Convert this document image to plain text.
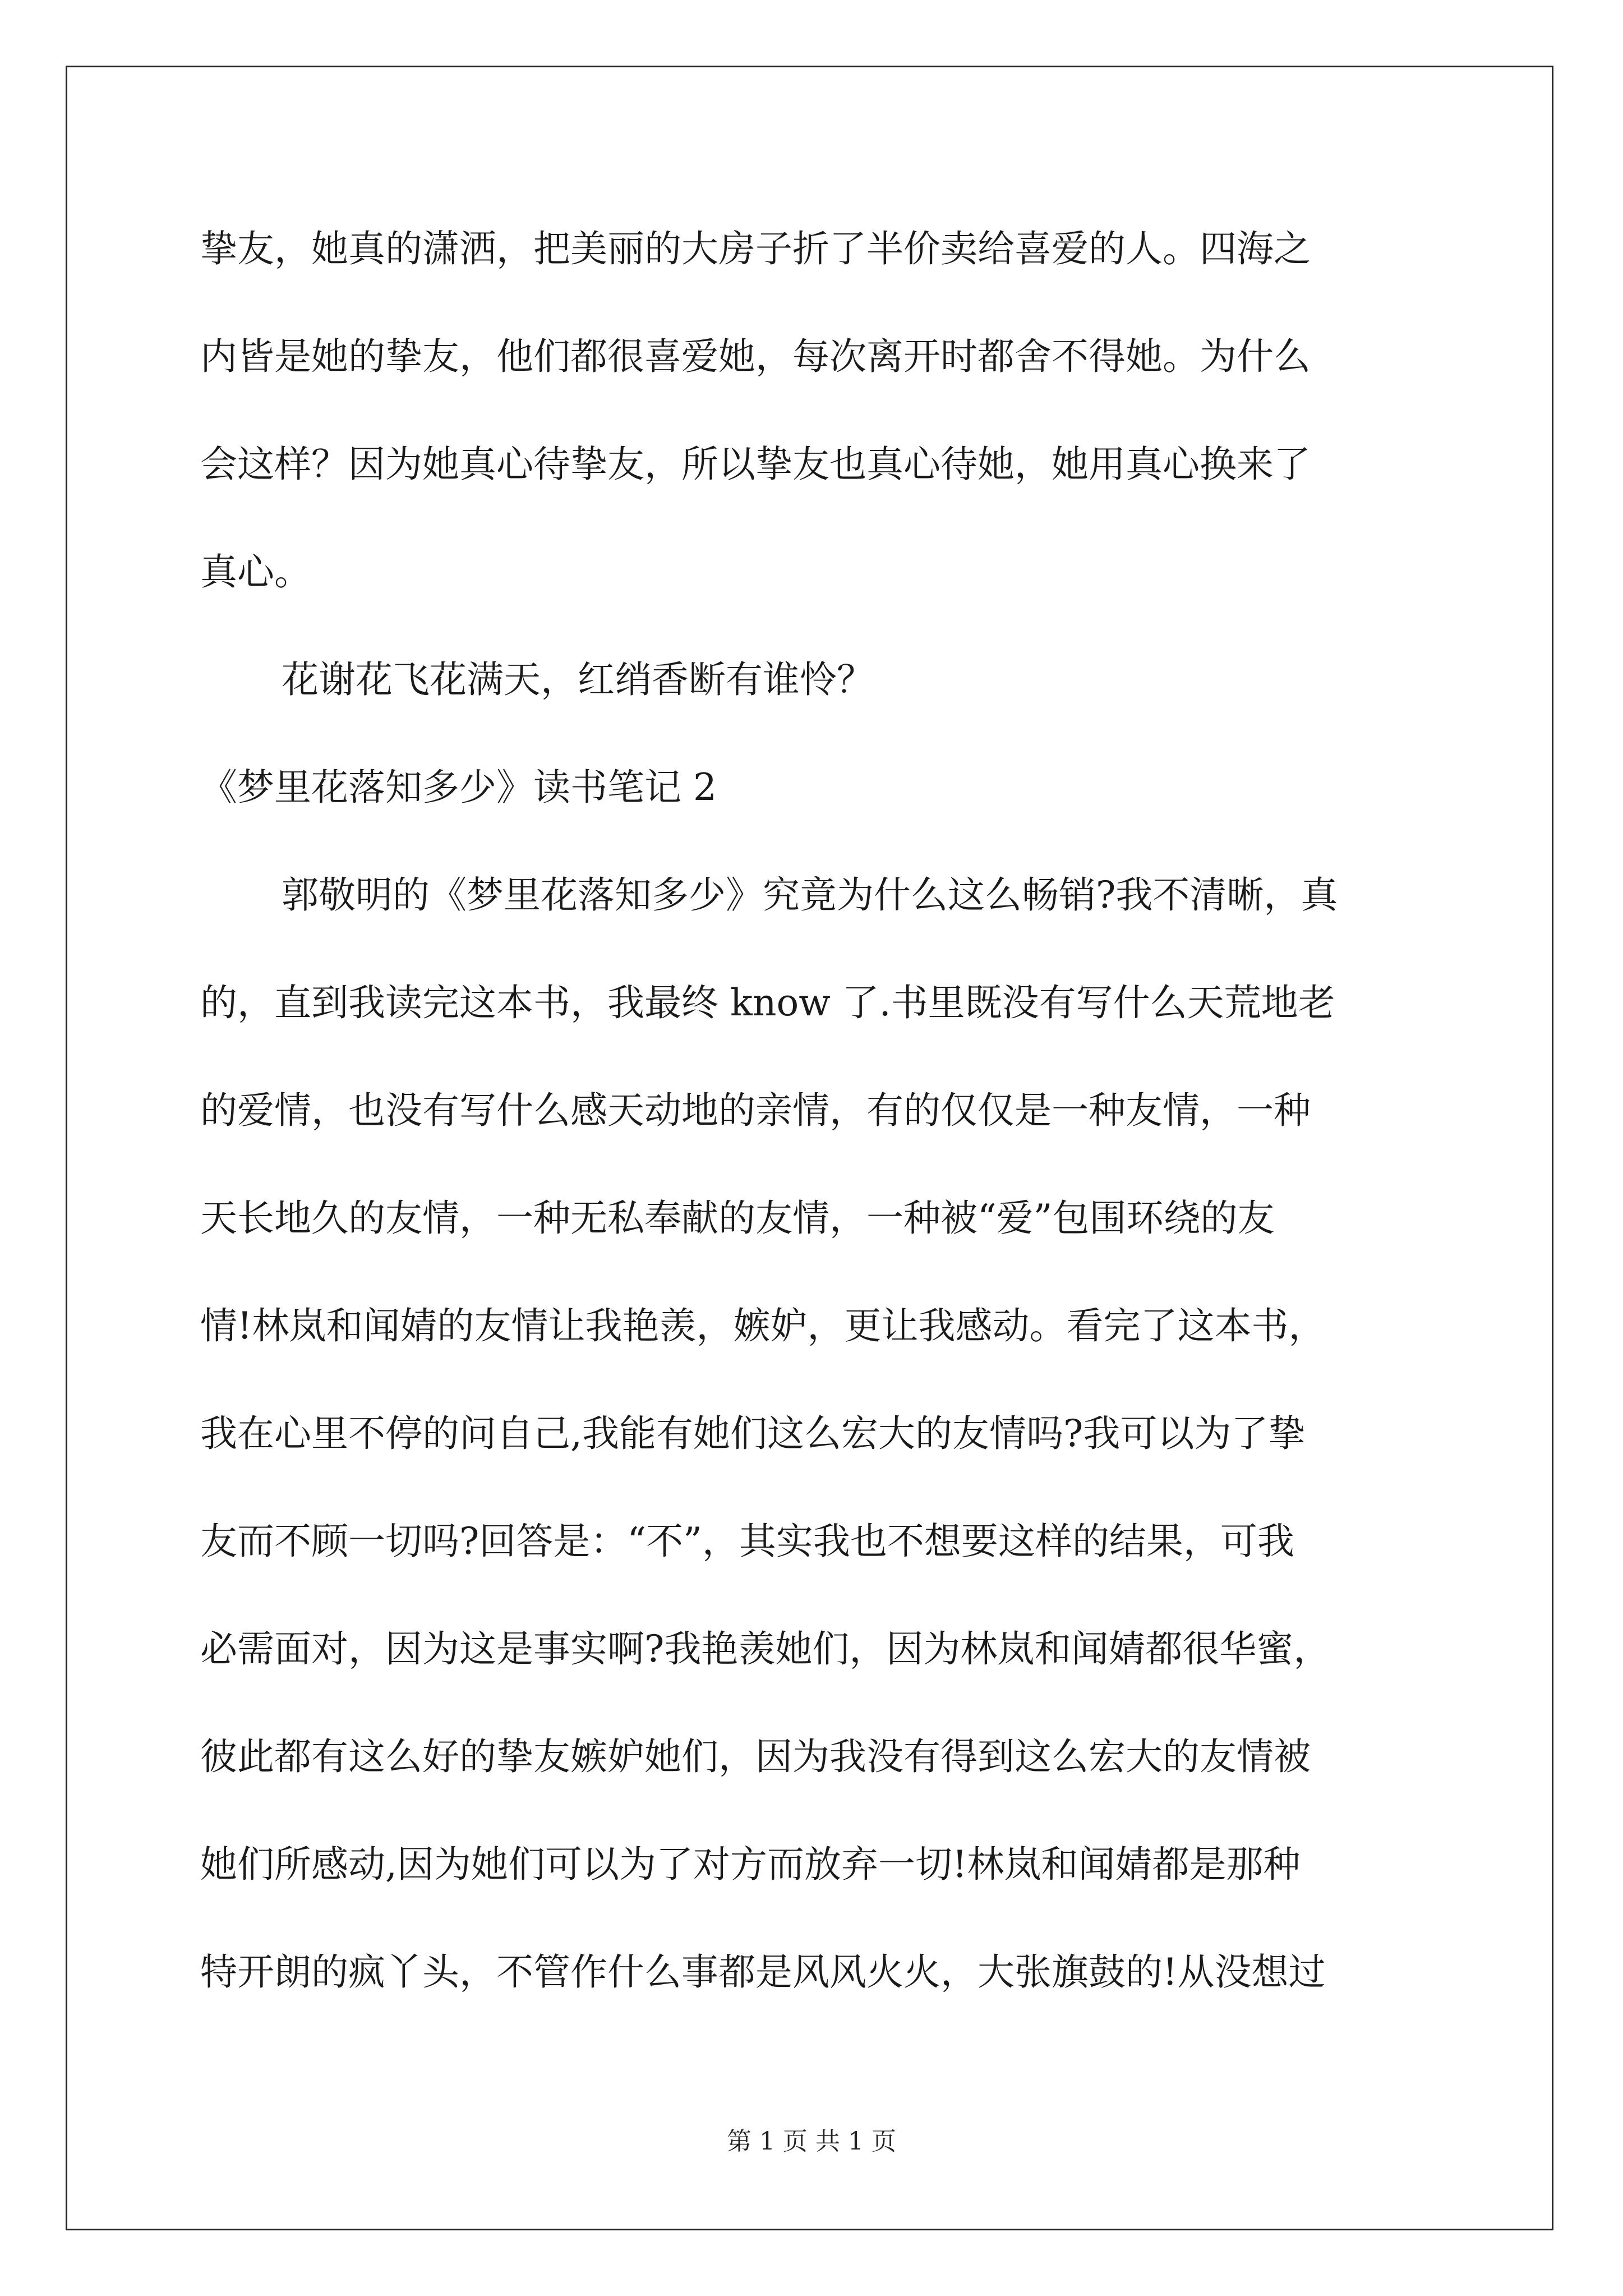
挚友，她真的潇洒，把美丽的大房子折了半价卖给喜爱的人。四海之
内皆是她的挚友，他们都很喜爱她，每次离开时都舍不得她。为什么
会这样？因为她真心待挚友，所以挚友也真心待她，她用真心换来了
真心。
花谢花飞花满天，红绡香断有谁怜？
《梦里花落知多少》读书笔记 2
郭敬明的《梦里花落知多少》究竟为什么这么畅销?我不清晰，真
的，直到我读完这本书，我最终 know 了.书里既没有写什么天荒地老
的爱情，也没有写什么感天动地的亲情，有的仅仅是一种友情，一种
天长地久的友情，一种无私奉献的友情，一种被“爱”包围环绕的友
情!林岚和闻婧的友情让我艳羡，嫉妒，更让我感动。看完了这本书，
我在心里不停的问自己,我能有她们这么宏大的友情吗?我可以为了挚
友而不顾一切吗?回答是：“不”，其实我也不想要这样的结果，可我
必需面对，因为这是事实啊?我艳羡她们，因为林岚和闻婧都很华蜜，
彼此都有这么好的挚友嫉妒她们，因为我没有得到这么宏大的友情被
她们所感动,因为她们可以为了对方而放弃一切!林岚和闻婧都是那种
特开朗的疯丫头，不管作什么事都是风风火火，大张旗鼓的!从没想过
第 1 页 共 1 页
